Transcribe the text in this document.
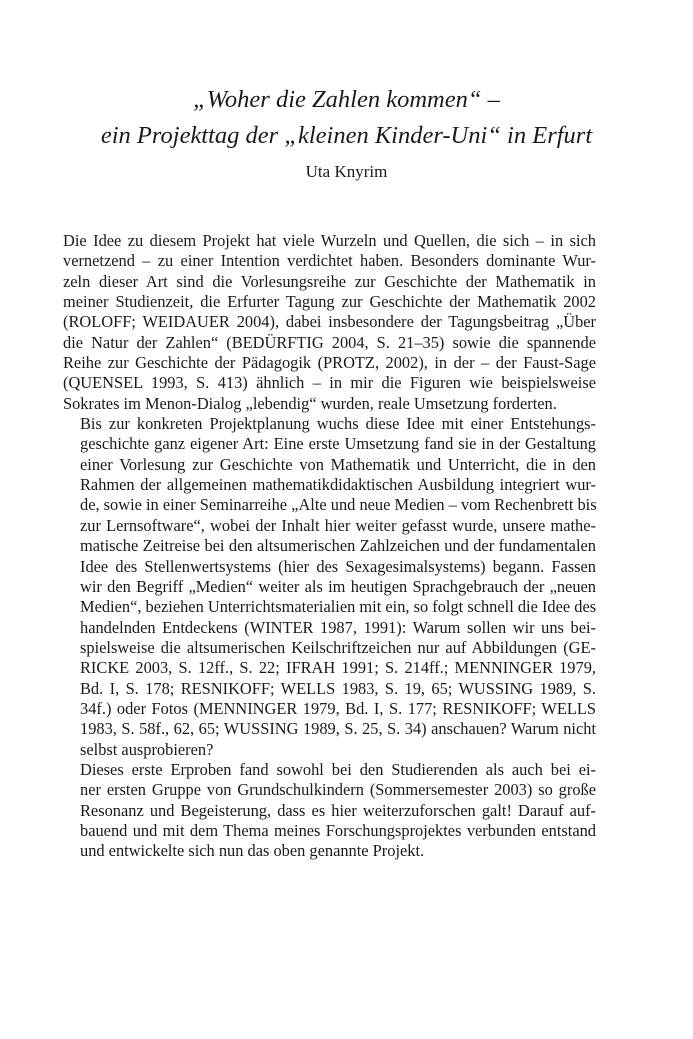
„Woher die Zahlen kommen“ –
ein Projekttag der „kleinen Kinder-Uni“ in Erfurt
Uta Knyrim

Die Idee zu diesem Projekt hat viele Wurzeln und Quellen, die sich – in sich
vernetzend – zu einer Intention verdichtet haben. Besonders dominante Wur-
zeln dieser Art sind die Vorlesungsreihe zur Geschichte der Mathematik in
meiner Studienzeit, die Erfurter Tagung zur Geschichte der Mathematik 2002
(ROLOFF; WEIDAUER 2004), dabei insbesondere der Tagungsbeitrag „Über
die Natur der Zahlen“ (BEDÜRFTIG 2004, S. 21–35) sowie die spannende
Reihe zur Geschichte der Pädagogik (PROTZ, 2002), in der – der Faust-Sage
(QUENSEL 1993, S. 413) ähnlich – in mir die Figuren wie beispielsweise
Sokrates im Menon-Dialog „lebendig“ wurden, reale Umsetzung forderten.

Bis zur konkreten Projektplanung wuchs diese Idee mit einer Entstehungs-
geschichte ganz eigener Art: Eine erste Umsetzung fand sie in der Gestaltung
einer Vorlesung zur Geschichte von Mathematik und Unterricht, die in den
Rahmen der allgemeinen mathematikdidaktischen Ausbildung integriert wur-
de, sowie in einer Seminarreihe „Alte und neue Medien – vom Rechenbrett bis
zur Lernsoftware“, wobei der Inhalt hier weiter gefasst wurde, unsere mathe-
matische Zeitreise bei den altsumerischen Zahlzeichen und der fundamentalen
Idee des Stellenwertsystems (hier des Sexagesimalsystems) begann. Fassen
wir den Begriff „Medien“ weiter als im heutigen Sprachgebrauch der „neuen
Medien“, beziehen Unterrichtsmaterialien mit ein, so folgt schnell die Idee des
handelnden Entdeckens (WINTER 1987, 1991): Warum sollen wir uns bei-
spielsweise die altsumerischen Keilschriftzeichen nur auf Abbildungen (GE-
RICKE 2003, S. 12ff., S. 22; IFRAH 1991; S. 214ff.; MENNINGER 1979,
Bd. I, S. 178; RESNIKOFF; WELLS 1983, S. 19, 65; WUSSING 1989, S.
34f.) oder Fotos (MENNINGER 1979, Bd. I, S. 177; RESNIKOFF; WELLS
1983, S. 58f., 62, 65; WUSSING 1989, S. 25, S. 34) anschauen? Warum nicht
selbst ausprobieren?

Dieses erste Erproben fand sowohl bei den Studierenden als auch bei ei-
ner ersten Gruppe von Grundschulkindern (Sommersemester 2003) so große
Resonanz und Begeisterung, dass es hier weiterzuforschen galt! Darauf auf-
bauend und mit dem Thema meines Forschungsprojektes verbunden entstand
und entwickelte sich nun das oben genannte Projekt.
